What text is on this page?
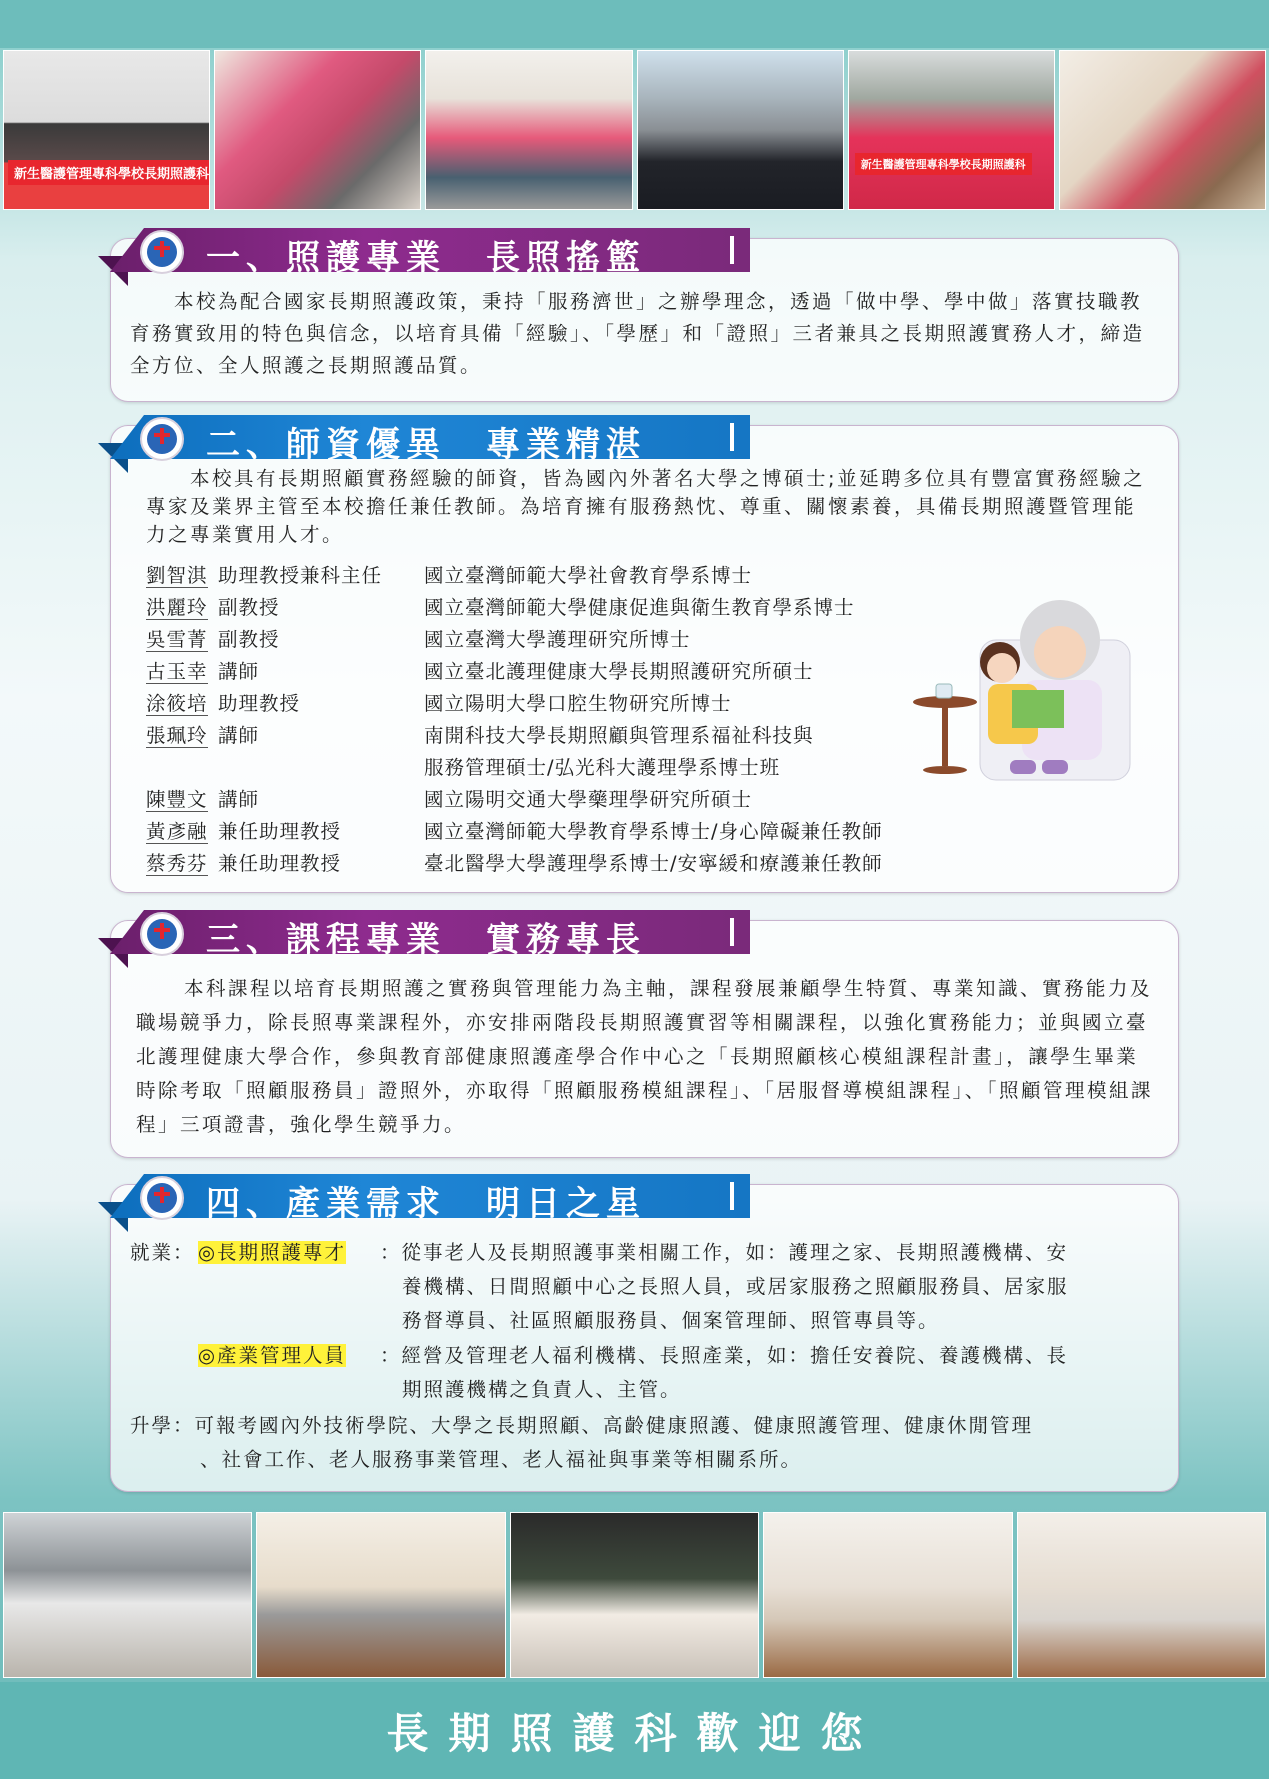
新生醫護管理專科學校長期照護科
新生醫護管理專科學校長期照護科
一、照護專業　長照搖籃
本校為配合國家長期照護政策，秉持「服務濟世」之辦學理念，透過「做中學、學中做」落實技職教育務實致用的特色與信念，以培育具備「經驗」、「學歷」和「證照」三者兼具之長期照護實務人才，締造全方位、全人照護之長期照護品質。
二、師資優異　專業精湛
本校具有長期照顧實務經驗的師資，皆為國內外著名大學之博碩士;並延聘多位具有豐富實務經驗之專家及業界主管至本校擔任兼任教師。為培育擁有服務熱忱、尊重、關懷素養，具備長期照護暨管理能力之專業實用人才。
劉智淇	助理教授兼科主任	國立臺灣師範大學社會教育學系博士
洪麗玲	副教授	國立臺灣師範大學健康促進與衛生教育學系博士
吳雪菁	副教授	國立臺灣大學護理研究所博士
古玉幸	講師	國立臺北護理健康大學長期照護研究所碩士
涂筱培	助理教授	國立陽明大學口腔生物研究所博士
張珮玲	講師	南開科技大學長期照顧與管理系福祉科技與
		服務管理碩士/弘光科大護理學系博士班
陳豐文	講師	國立陽明交通大學藥理學研究所碩士
黃彥融	兼任助理教授	國立臺灣師範大學教育學系博士/身心障礙兼任教師
蔡秀芬	兼任助理教授	臺北醫學大學護理學系博士/安寧緩和療護兼任教師
三、課程專業　實務專長
本科課程以培育長期照護之實務與管理能力為主軸，課程發展兼顧學生特質、專業知識、實務能力及職場競爭力，除長照專業課程外，亦安排兩階段長期照護實習等相關課程，以強化實務能力；並與國立臺北護理健康大學合作，參與教育部健康照護產學合作中心之「長期照顧核心模組課程計畫」，讓學生畢業時除考取「照顧服務員」證照外，亦取得「照顧服務模組課程」、「居服督導模組課程」、「照顧管理模組課程」三項證書，強化學生競爭力。
四、產業需求　明日之星
就業： ◎長期照護專才 ：從事老人及長期照護事業相關工作，如：護理之家、長期照護機構、安
養機構、日間照顧中心之長照人員，或居家服務之照顧服務員、居家服
務督導員、社區照顧服務員、個案管理師、照管專員等。
◎產業管理人員 ：經營及管理老人福利機構、長照產業，如：擔任安養院、養護機構、長
期照護機構之負責人、主管。
升學：可報考國內外技術學院、大學之長期照顧、高齡健康照護、健康照護管理、健康休閒管理
、社會工作、老人服務事業管理、老人福祉與事業等相關系所。
長期照護科歡迎您
